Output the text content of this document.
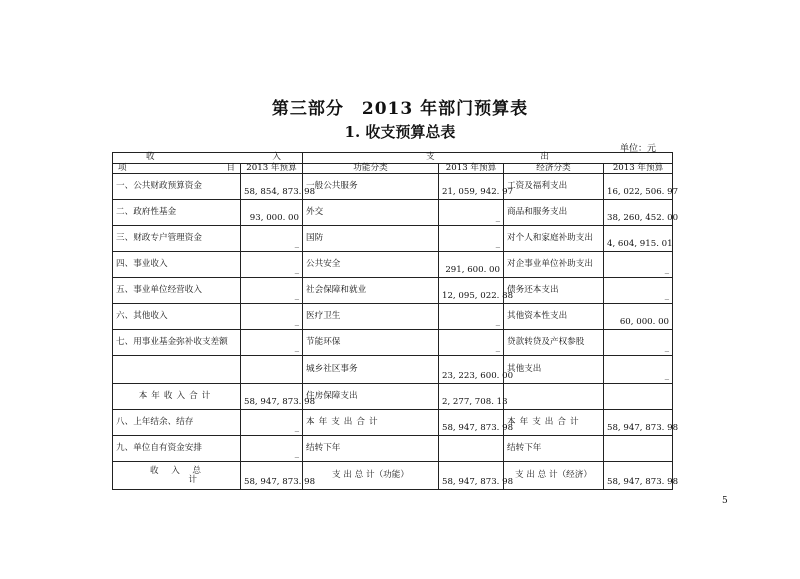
第三部分　2013 年部门预算表
1. 收支预算总表
单位：元
收 入		支 出			

项 目	2013 年预算	功能分类	2013 年预算	经济分类	2013 年预算
一、公共财政预算资金	58, 854, 873. 98	一般公共服务	21, 059, 942. 97	工资及福利支出	16, 022, 506. 97
二、政府性基金	93, 000. 00	外交	_	商品和服务支出	38, 260, 452. 00
三、财政专户管理资金	_	国防	_	对个人和家庭补助支出	4, 604, 915. 01
四、事业收入	_	公共安全	291, 600. 00	对企事业单位补助支出	_
五、事业单位经营收入	_	社会保障和就业	12, 095, 022. 88	债务还本支出	_
六、其他收入	_	医疗卫生	_	其他资本性支出	60, 000. 00
七、用事业基金弥补收支差额	_	节能环保	_	贷款转贷及产权参股	_
		城乡社区事务	23, 223, 600. 00	其他支出	_
本年收入合计	58, 947, 873. 98	住房保障支出	2, 277, 708. 13		
八、上年结余、结存	_	本年支出合计	58, 947, 873. 98	本年支出合计	58, 947, 873. 98
九、单位自有资金安排	_	结转下年		结转下年	

收　入　总
计	58, 947, 873. 98	支 出 总 计（功能）	58, 947, 873. 98	支 出 总 计（经济）	58, 947, 873. 98
5
